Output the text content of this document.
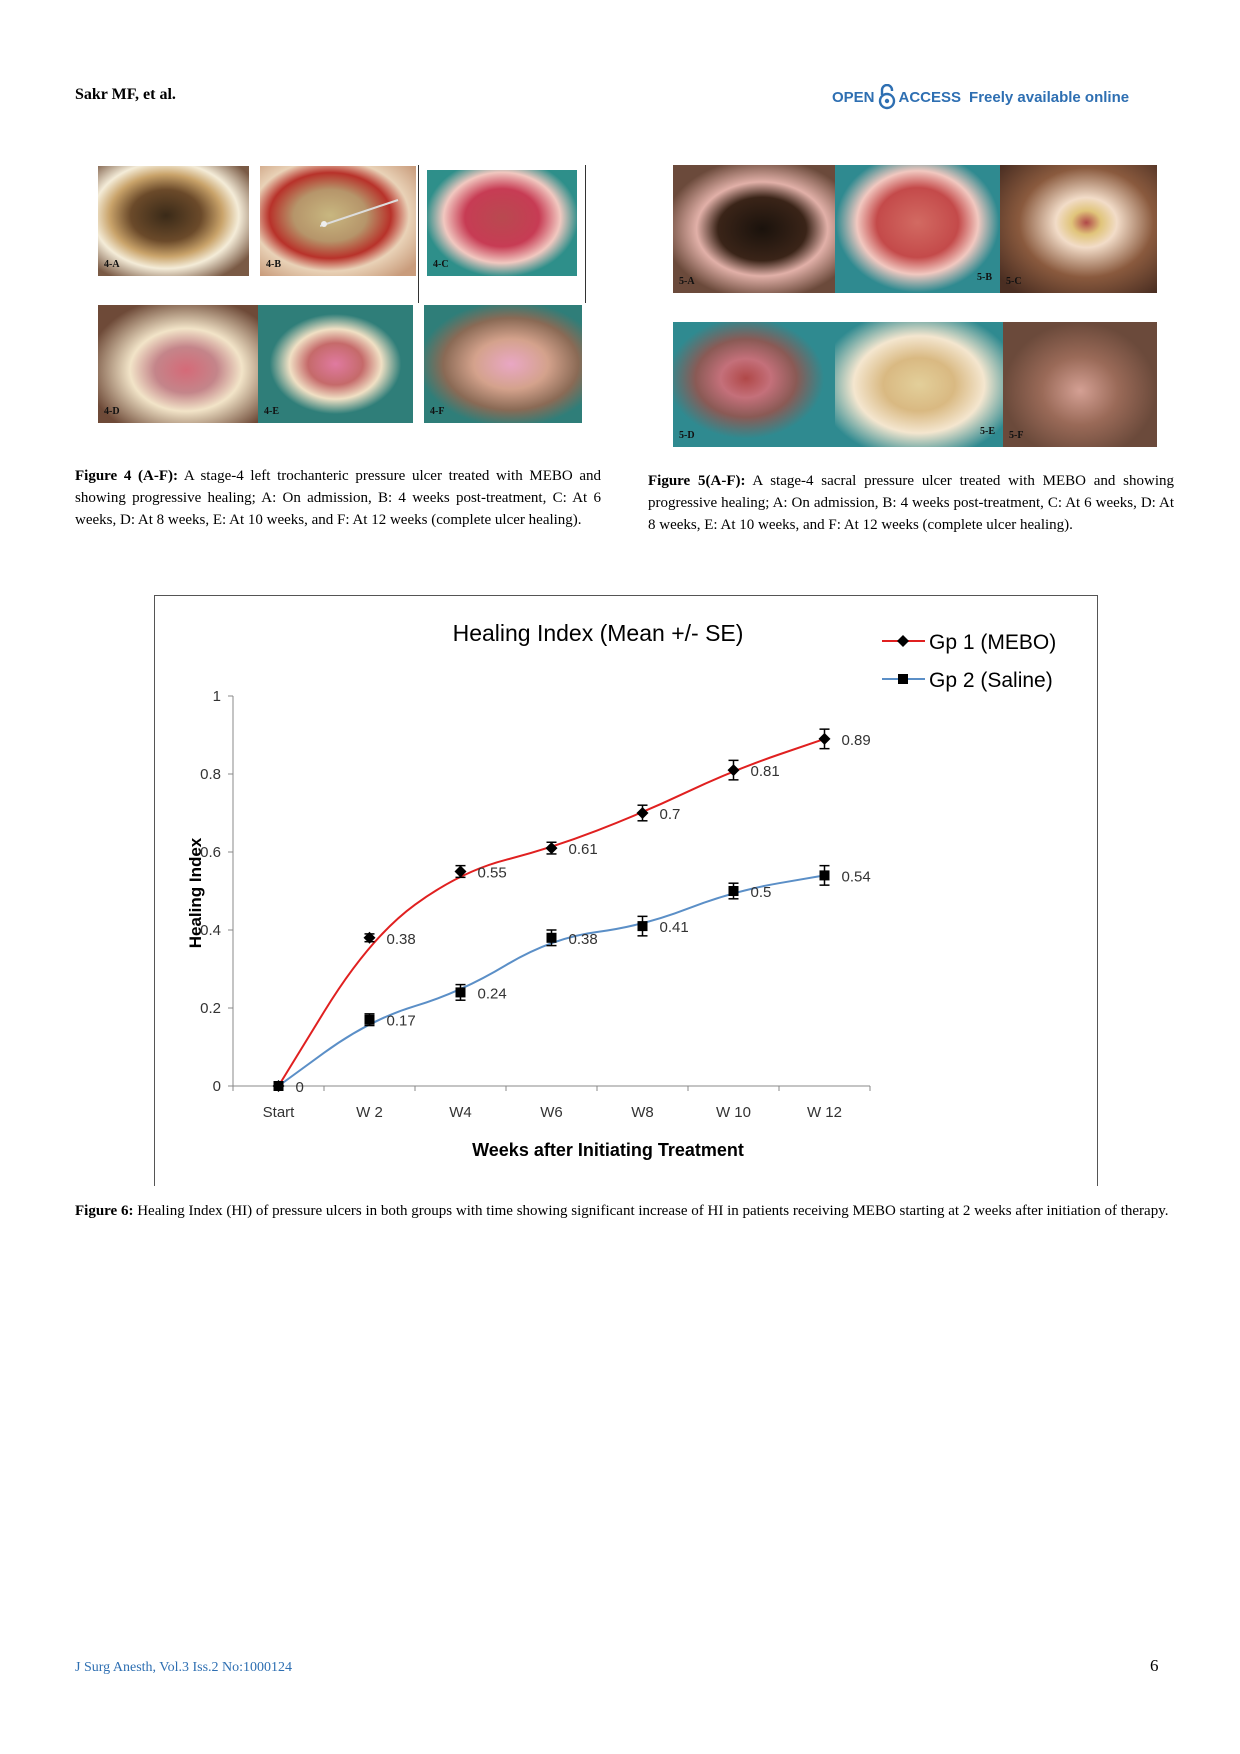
Sakr MF, et al.	OPEN ACCESS Freely available online
4-A	4-B	4-C
4-D	4-E	4-F
5-A	5-B 5-C
5-D	5-E 5-F
Figure 4 (A-F): A stage-4 left trochanteric pressure ulcer treated with MEBO and showing progressive healing; A: On admission, B: 4 weeks post-treatment, C: At 6 weeks, D: At 8 weeks, E: At 10 weeks, and F: At 12 weeks (complete ulcer healing).
Figure 5(A-F): A stage-4 sacral pressure ulcer treated with MEBO and showing progressive healing; A: On admission, B: 4 weeks post-treatment, C: At 6 weeks, D: At 8 weeks, E: At 10 weeks, and F: At 12 weeks (complete ulcer healing).
Healing Index (Mean +/- SE)
Healing Index
Weeks after Initiating Treatment
0
0.2
0.4
0.6
0.8
1
Start	W 2	W4	W6	W8	W 10	W 12
0.38
0.55
0.61
0.7
0.81
0.89
0
0.17
0.24
0.38
0.41
0.5
0.54
Gp 1 (MEBO)
Gp 2 (Saline)
Figure 6: Healing Index (HI) of pressure ulcers in both groups with time showing significant increase of HI in patients receiving MEBO starting at 2 weeks after initiation of therapy.
J Surg Anesth, Vol.3 Iss.2 No:1000124	6
